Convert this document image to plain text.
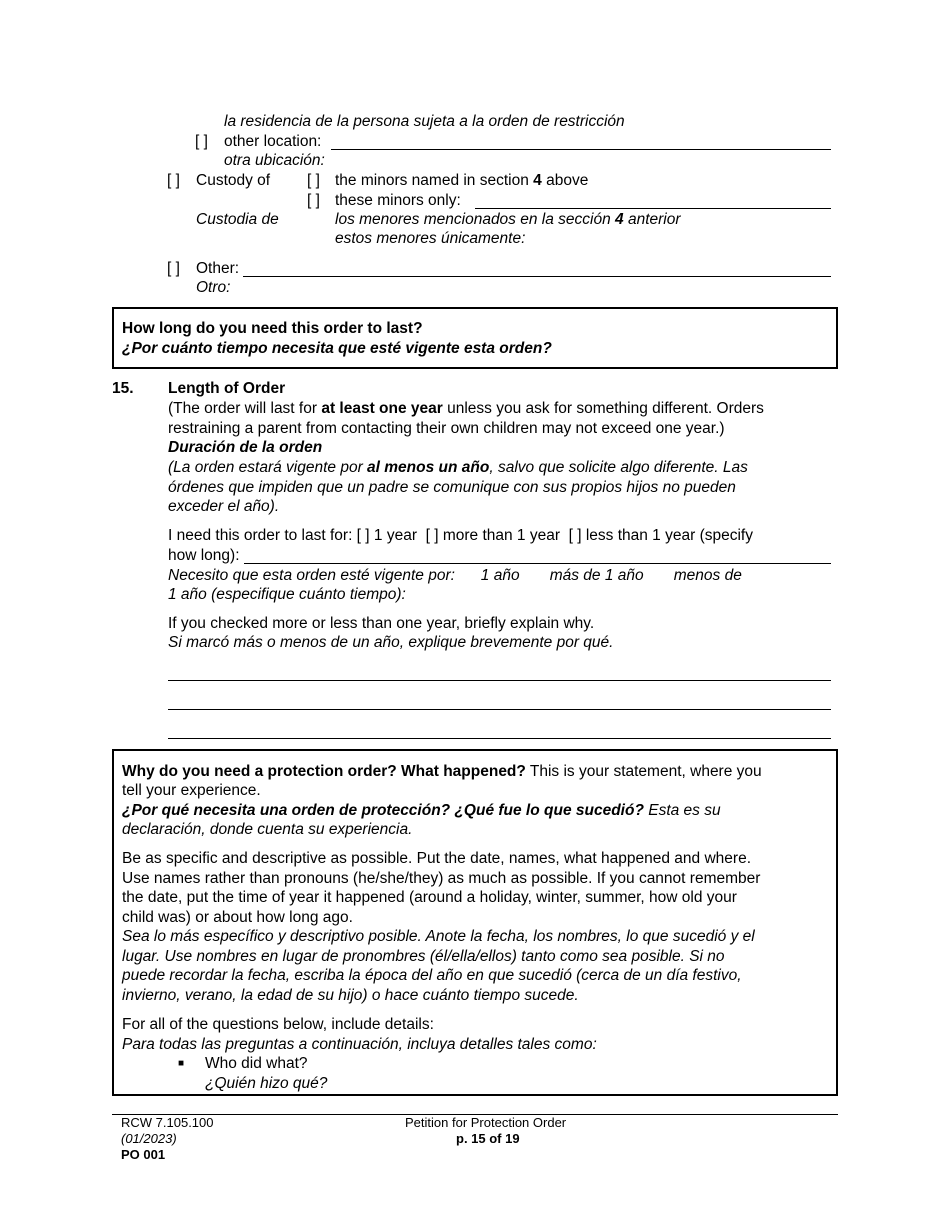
la residencia de la persona sujeta a la orden de restricción
[ ] other location:
otra ubicación:
[ ] Custody of [ ] the minors named in section 4 above
[ ] these minors only:
Custodia de	los menores mencionados en la sección 4 anterior
estos menores únicamente:
[ ] Other:
Otro:
How long do you need this order to last?
¿Por cuánto tiempo necesita que esté vigente esta orden?
15. Length of Order
(The order will last for at least one year unless you ask for something different. Orders
restraining a parent from contacting their own children may not exceed one year.)
Duración de la orden
(La orden estará vigente por al menos un año, salvo que solicite algo diferente. Las
órdenes que impiden que un padre se comunique con sus propios hijos no pueden
exceder el año).
I need this order to last for: [ ] 1 year  [ ] more than 1 year  [ ] less than 1 year (specify
how long):
Necesito que esta orden esté vigente por:      1 año       más de 1 año       menos de
1 año (especifique cuánto tiempo):
If you checked more or less than one year, briefly explain why.
Si marcó más o menos de un año, explique brevemente por qué.
Why do you need a protection order? What happened? This is your statement, where you
tell your experience.
¿Por qué necesita una orden de protección? ¿Qué fue lo que sucedió? Esta es su
declaración, donde cuenta su experiencia.
Be as specific and descriptive as possible. Put the date, names, what happened and where.
Use names rather than pronouns (he/she/they) as much as possible. If you cannot remember
the date, put the time of year it happened (around a holiday, winter, summer, how old your
child was) or about how long ago.
Sea lo más específico y descriptivo posible. Anote la fecha, los nombres, lo que sucedió y el
lugar. Use nombres en lugar de pronombres (él/ella/ellos) tanto como sea posible. Si no
puede recordar la fecha, escriba la época del año en que sucedió (cerca de un día festivo,
invierno, verano, la edad de su hijo) o hace cuánto tiempo sucede.
For all of the questions below, include details:
Para todas las preguntas a continuación, incluya detalles tales como:
■ Who did what?
¿Quién hizo qué?
RCW 7.105.100
(01/2023)
PO 001
Petition for Protection Order
p. 15 of 19
